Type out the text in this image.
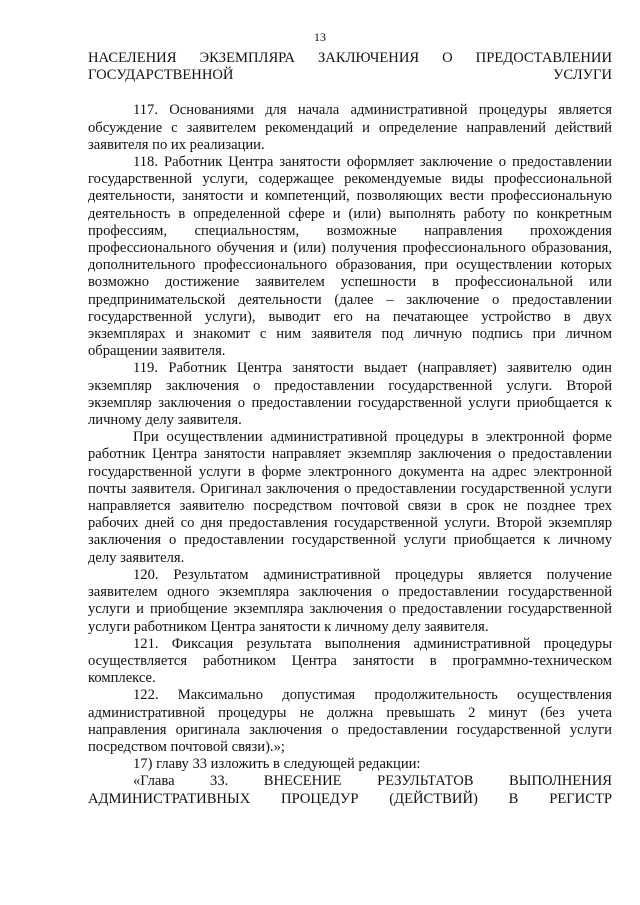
13

НАСЕЛЕНИЯ ЭКЗЕМПЛЯРА ЗАКЛЮЧЕНИЯ О ПРЕДОСТАВЛЕНИИ ГОСУДАРСТВЕННОЙ УСЛУГИ

117. Основаниями для начала административной процедуры является обсуждение с заявителем рекомендаций и определение направлений действий заявителя по их реализации.

118. Работник Центра занятости оформляет заключение о предоставлении государственной услуги, содержащее рекомендуемые виды профессиональной деятельности, занятости и компетенций, позволяющих вести профессиональную деятельность в определенной сфере и (или) выполнять работу по конкретным профессиям, специальностям, возможные направления прохождения профессионального обучения и (или) получения профессионального образования, дополнительного профессионального образования, при осуществлении которых возможно достижение заявителем успешности в профессиональной или предпринимательской деятельности (далее – заключение о предоставлении государственной услуги), выводит его на печатающее устройство в двух экземплярах и знакомит с ним заявителя под личную подпись при личном обращении заявителя.

119. Работник Центра занятости выдает (направляет) заявителю один экземпляр заключения о предоставлении государственной услуги. Второй экземпляр заключения о предоставлении государственной услуги приобщается к личному делу заявителя.

При осуществлении административной процедуры в электронной форме работник Центра занятости направляет экземпляр заключения о предоставлении государственной услуги в форме электронного документа на адрес электронной почты заявителя. Оригинал заключения о предоставлении государственной услуги направляется заявителю посредством почтовой связи в срок не позднее трех рабочих дней со дня предоставления государственной услуги. Второй экземпляр заключения о предоставлении государственной услуги приобщается к личному делу заявителя.

120. Результатом административной процедуры является получение заявителем одного экземпляра заключения о предоставлении государственной услуги и приобщение экземпляра заключения о предоставлении государственной услуги работником Центра занятости к личному делу заявителя.

121. Фиксация результата выполнения административной процедуры осуществляется работником Центра занятости в программно-техническом комплексе.

122. Максимально допустимая продолжительность осуществления административной процедуры не должна превышать 2 минут (без учета направления оригинала заключения о предоставлении государственной услуги посредством почтовой связи).»;

17) главу 33 изложить в следующей редакции:

«Глава 33. ВНЕСЕНИЕ РЕЗУЛЬТАТОВ ВЫПОЛНЕНИЯ АДМИНИСТРАТИВНЫХ ПРОЦЕДУР (ДЕЙСТВИЙ) В РЕГИСТР
